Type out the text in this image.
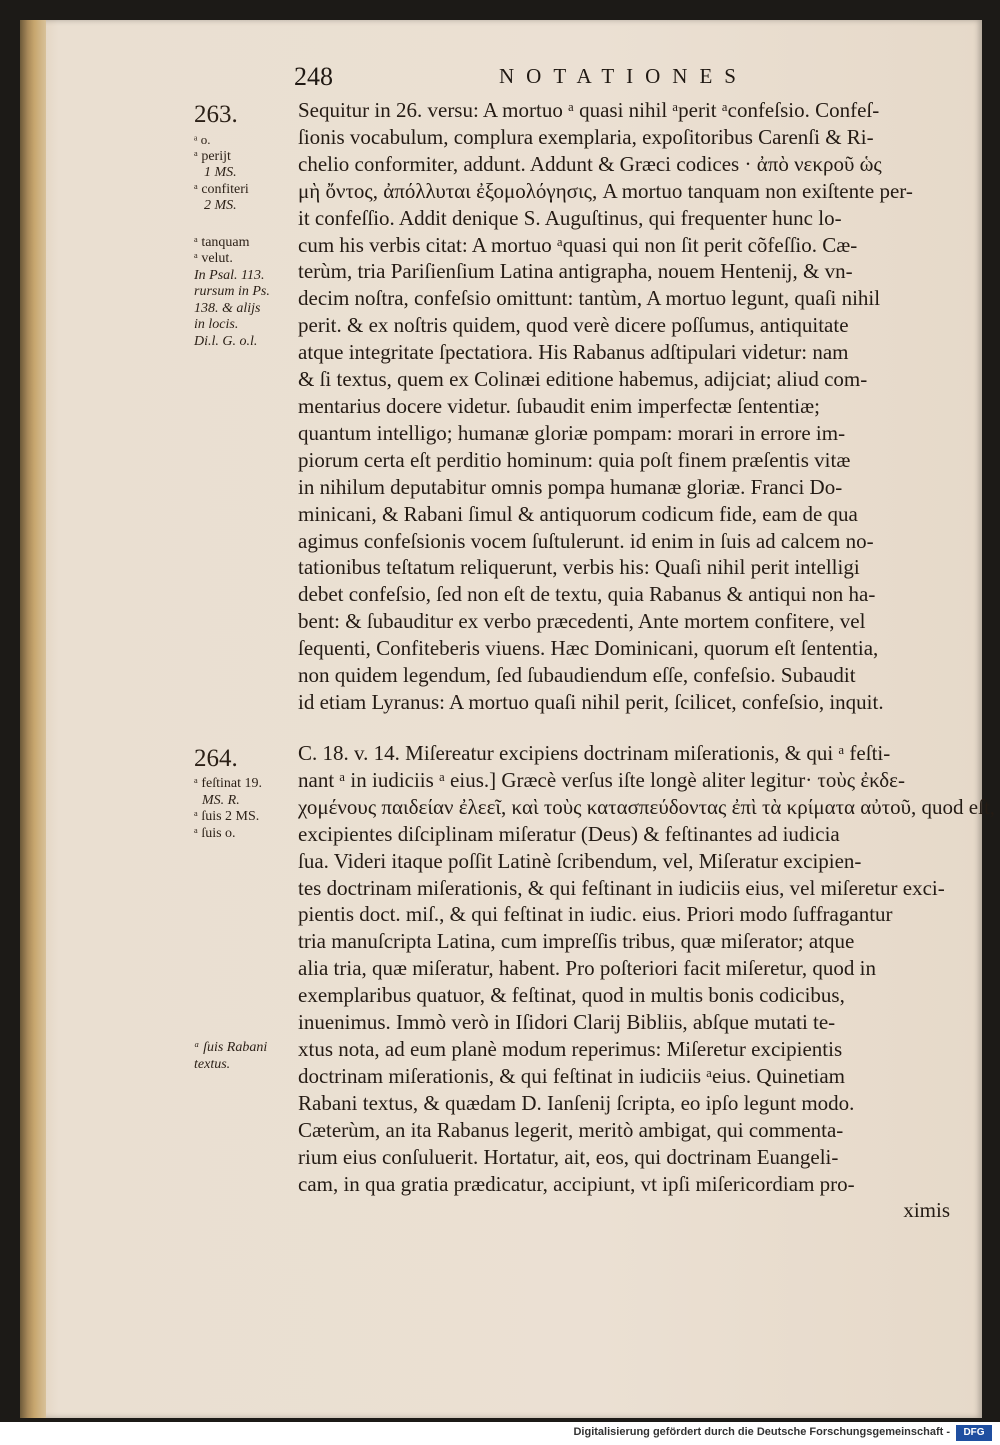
248	NOTATIONES
263.
ᵃ o.
ᵃ perijt
1 MS.
ᵃ confiteri
2 MS.
ᵃ tanquam
ᵃ velut.
In Psal. 113.
rursum in Ps.
138. & alijs
in locis.
Di.l. G. o.l.
Sequitur in 26. versu: A mortuo ᵃ quasi nihil ᵃperit ᵃconfeſsio. Confeſ-
ſionis vocabulum, complura exemplaria, expoſitoribus Carenſi & Ri-
chelio conformiter, addunt. Addunt & Græci codices · ἀπὸ νεκροῦ ὡς
μὴ ὄντος, ἀπόλλυται ἐξομολόγησις, A mortuo tanquam non exiſtente per-
it confeſſio. Addit denique S. Auguſtinus, qui frequenter hunc lo-
cum his verbis citat: A mortuo ᵃquasi qui non ſit perit cõfeſſio. Cæ-
terùm, tria Pariſienſium Latina antigrapha, nouem Hentenij, & vn-
decim noſtra, confeſsio omittunt: tantùm, A mortuo legunt, quaſi nihil
perit. & ex noſtris quidem, quod verè dicere poſſumus, antiquitate
atque integritate ſpectatiora. His Rabanus adſtipulari videtur: nam
& ſi textus, quem ex Colinæi editione habemus, adijciat; aliud com-
mentarius docere videtur. ſubaudit enim imperfectæ ſententiæ;
quantum intelligo; humanæ gloriæ pompam: morari in errore im-
piorum certa eſt perditio hominum: quia poſt finem præſentis vitæ
in nihilum deputabitur omnis pompa humanæ gloriæ. Franci Do-
minicani, & Rabani ſimul & antiquorum codicum fide, eam de qua
agimus confeſsionis vocem ſuſtulerunt. id enim in ſuis ad calcem no-
tationibus teſtatum reliquerunt, verbis his: Quaſi nihil perit intelligi
debet confeſsio, ſed non eſt de textu, quia Rabanus & antiqui non ha-
bent: & ſubauditur ex verbo præcedenti, Ante mortem confitere, vel
ſequenti, Confiteberis viuens. Hæc Dominicani, quorum eſt ſententia,
non quidem legendum, ſed ſubaudiendum eſſe, confeſsio. Subaudit
id etiam Lyranus: A mortuo quaſi nihil perit, ſcilicet, confeſsio, inquit.
264.
ᵃ feſtinat 19.
MS. R.
ᵃ ſuis 2 MS.
ᵃ ſuis o.
ᵃ ſuis Rabani
textus.
C. 18. v. 14. Miſereatur excipiens doctrinam miſerationis, & qui ᵃ feſti-
nant ᵃ in iudiciis ᵃ eius.] Græcè verſus iſte longè aliter legitur· τοὺς ἐκδε-
χομένους παιδείαν ἐλεεῖ, καὶ τοὺς κατασπεύδοντας ἐπὶ τὰ κρίματα αὐτοῦ, quod eſt,
excipientes diſciplinam miſeratur (Deus) & feſtinantes ad iudicia
ſua. Videri itaque poſſit Latinè ſcribendum, vel, Miſeratur excipien-
tes doctrinam miſerationis, & qui feſtinant in iudiciis eius, vel miſeretur exci-
pientis doct. miſ., & qui feſtinat in iudic. eius. Priori modo ſuffragantur
tria manuſcripta Latina, cum impreſſis tribus, quæ miſerator; atque
alia tria, quæ miſeratur, habent. Pro poſteriori facit miſeretur, quod in
exemplaribus quatuor, & feſtinat, quod in multis bonis codicibus,
inuenimus. Immò verò in Iſidori Clarij Bibliis, abſque mutati te-
xtus nota, ad eum planè modum reperimus: Miſeretur excipientis
doctrinam miſerationis, & qui feſtinat in iudiciis ᵃeius. Quinetiam
Rabani textus, & quædam D. Ianſenij ſcripta, eo ipſo legunt modo.
Cæterùm, an ita Rabanus legerit, meritò ambigat, qui commenta-
rium eius conſuluerit. Hortatur, ait, eos, qui doctrinam Euangeli-
cam, in qua gratia prædicatur, accipiunt, vt ipſi miſericordiam pro-
ximis
Digitalisierung gefördert durch die Deutsche Forschungsgemeinschaft -	DFG
